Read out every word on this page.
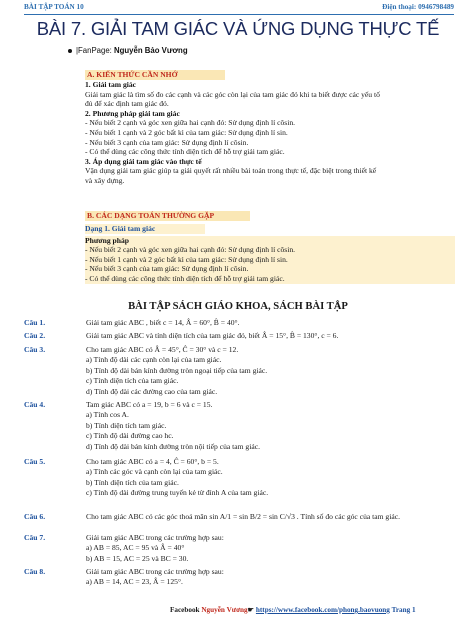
BÀI TẬP TOÁN 10	Điện thoại: 0946798489
BÀI 7. GIẢI TAM GIÁC VÀ ỨNG DỤNG THỰC TẾ
|FanPage: Nguyễn Bảo Vương
A. KIẾN THỨC CẦN NHỚ
1. Giải tam giác
Giải tam giác là tìm số đo các cạnh và các góc còn lại của tam giác đó khi ta biết được các yếu tố
đủ để xác định tam giác đó.
2. Phương pháp giải tam giác
- Nếu biết 2 cạnh và góc xen giữa hai cạnh đó: Sử dụng định lí côsin.
- Nếu biết 1 cạnh và 2 góc bất kì của tam giác: Sử dụng định lí sin.
- Nếu biết 3 cạnh của tam giác: Sử dụng định lí côsin.
- Có thể dùng các công thức tính diện tích để hỗ trợ giải tam giác.
3. Áp dụng giải tam giác vào thực tế
Vận dụng giải tam giác giúp ta giải quyết rất nhiều bài toán trong thực tế, đặc biệt trong thiết kế
và xây dựng.
B. CÁC DẠNG TOÁN THƯỜNG GẶP
Dạng 1. Giải tam giác
Phương pháp
- Nếu biết 2 cạnh và góc xen giữa hai cạnh đó: Sử dụng định lí côsin.
- Nếu biết 1 cạnh và 2 góc bất kì của tam giác: Sử dụng định lí sin.
- Nếu biết 3 cạnh của tam giác: Sử dụng định lí côsin.
- Có thể dùng các công thức tính diện tích để hỗ trợ giải tam giác.
BÀI TẬP SÁCH GIÁO KHOA, SÁCH BÀI TẬP
Câu 1.	Giải tam giác ABC , biết c = 14, Â = 60°, B̂ = 40°.
Câu 2.	Giải tam giác ABC và tính diện tích của tam giác đó, biết Â = 15°, B̂ = 130°, c = 6.
Câu 3.	Cho tam giác ABC có Â = 45°, Ĉ = 30° và c = 12.
a) Tính độ dài các cạnh còn lại của tam giác.
b) Tính độ dài bán kính đường tròn ngoại tiếp của tam giác.
c) Tính diện tích của tam giác.
d) Tính độ dài các đường cao của tam giác.
Câu 4.	Tam giác ABC có a = 19, b = 6 và c = 15.
a) Tính cos A.
b) Tính diện tích tam giác.
c) Tính độ dài đường cao hc.
d) Tính độ dài bán kính đường tròn nội tiếp của tam giác.
Câu 5.	Cho tam giác ABC có a = 4, Ĉ = 60°, b = 5.
a) Tính các góc và cạnh còn lại của tam giác.
b) Tính diện tích của tam giác.
c) Tính độ dài đường trung tuyến kẻ từ đỉnh A của tam giác.
Câu 6.	Cho tam giác ABC có các góc thoả mãn sin A/1 = sin B/2 = sin C/√3 . Tính số đo các góc của tam giác.
Câu 7.	Giải tam giác ABC trong các trường hợp sau:
a) AB = 85, AC = 95 và Â = 40°
b) AB = 15, AC = 25 và BC = 30.
Câu 8.	Giải tam giác ABC trong các trường hợp sau:
a) AB = 14, AC = 23, Â = 125°.
Facebook Nguyễn Vương☛ https://www.facebook.com/phong.baovuong Trang 1
